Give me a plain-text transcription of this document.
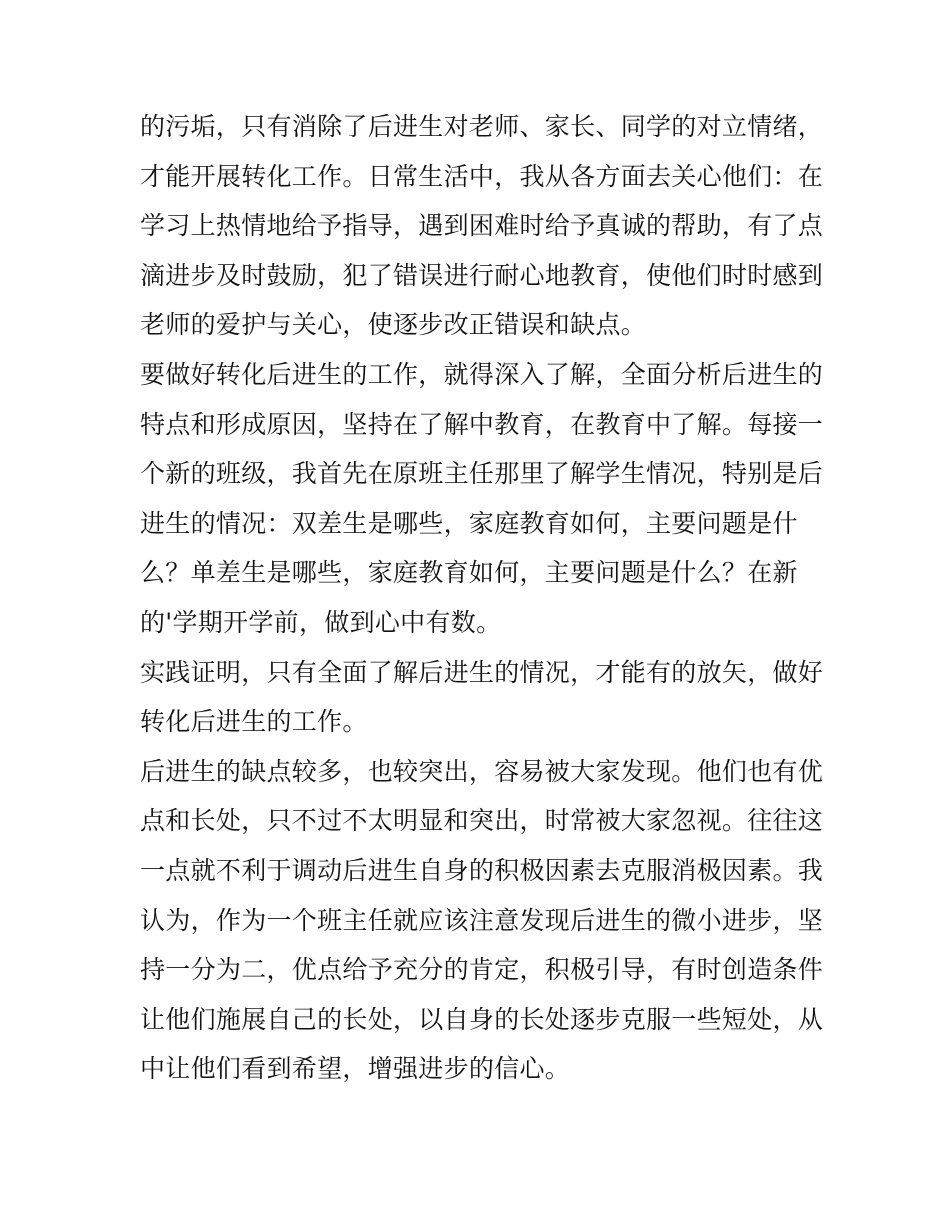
的污垢，只有消除了后进生对老师、家长、同学的对立情绪，
才能开展转化工作。日常生活中，我从各方面去关心他们：在
学习上热情地给予指导，遇到困难时给予真诚的帮助，有了点
滴进步及时鼓励，犯了错误进行耐心地教育，使他们时时感到
老师的爱护与关心，使逐步改正错误和缺点。
要做好转化后进生的工作，就得深入了解，全面分析后进生的
特点和形成原因，坚持在了解中教育，在教育中了解。每接一
个新的班级，我首先在原班主任那里了解学生情况，特别是后
进生的情况：双差生是哪些，家庭教育如何，主要问题是什
么？单差生是哪些，家庭教育如何，主要问题是什么？在新
的'学期开学前，做到心中有数。
实践证明，只有全面了解后进生的情况，才能有的放矢，做好
转化后进生的工作。
后进生的缺点较多，也较突出，容易被大家发现。他们也有优
点和长处，只不过不太明显和突出，时常被大家忽视。往往这
一点就不利于调动后进生自身的积极因素去克服消极因素。我
认为，作为一个班主任就应该注意发现后进生的微小进步，坚
持一分为二，优点给予充分的肯定，积极引导，有时创造条件
让他们施展自己的长处，以自身的长处逐步克服一些短处，从
中让他们看到希望，增强进步的信心。
